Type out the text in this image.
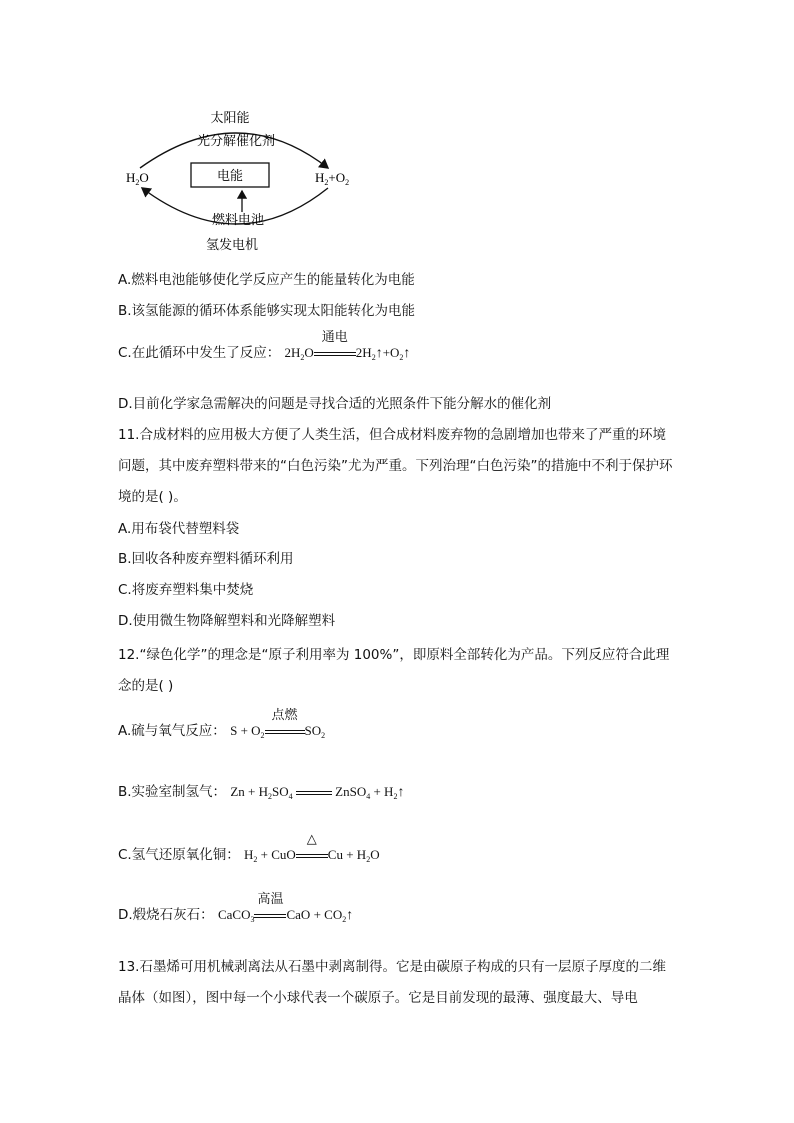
太阳能
光分解催化剂
$H_2O$	$H_2+O_2$
电能
燃料电池
氢发电机
A.燃料电池能够使化学反应产生的能量转化为电能
B.该氢能源的循环体系能够实现太阳能转化为电能
C.在此循环中发生了反应： $2H_2O$
通电
$2H_2↑+O_2↑$
D.目前化学家急需解决的问题是寻找合适的光照条件下能分解水的催化剂
11.合成材料的应用极大方便了人类生活，但合成材料废弃物的急剧增加也带来了严重的环境问题，其中废弃塑料带来的“白色污染”尤为严重。下列治理“白色污染”的措施中不利于保护环境的是( )。
A.用布袋代替塑料袋
B.回收各种废弃塑料循环利用
C.将废弃塑料集中焚烧
D.使用微生物降解塑料和光降解塑料
12.“绿色化学”的理念是“原子利用率为 100%”，即原料全部转化为产品。下列反应符合此理念的是( )
A.硫与氧气反应： $S + O_2$
点燃
$SO_2$
B.实验室制氢气： $Zn + H_2SO_4$	ZnSO$_4$ + $H_2↑$
C.氢气还原氧化铜： $H_2$ + CuO
△
$Cu + H_2O$
D.煅烧石灰石： CaCO$_3$
高温
CaO + $CO_2↑$
13.石墨烯可用机械剥离法从石墨中剥离制得。它是由碳原子构成的只有一层原子厚度的二维晶体（如图），图中每一个小球代表一个碳原子。它是目前发现的最薄、强度最大、导电
